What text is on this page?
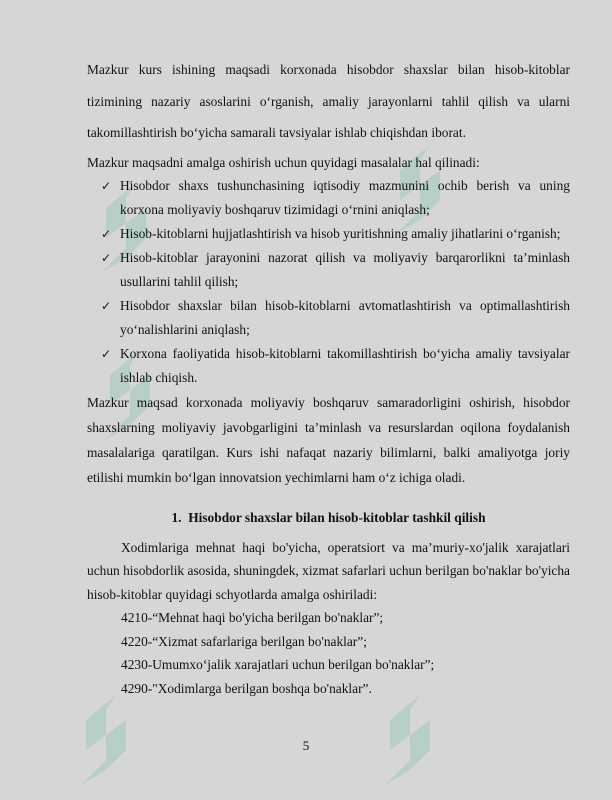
Mazkur kurs ishining maqsadi korxonada hisobdor shaxslar bilan hisob-kitoblar tizimining nazariy asoslarini o‘rganish, amaliy jarayonlarni tahlil qilish va ularni takomillashtirish bo‘yicha samarali tavsiyalar ishlab chiqishdan iborat.

Mazkur maqsadni amalga oshirish uchun quyidagi masalalar hal qilinadi:

✓ Hisobdor shaxs tushunchasining iqtisodiy mazmunini ochib berish va uning korxona moliyaviy boshqaruv tizimidagi o‘rnini aniqlash;
✓ Hisob-kitoblarni hujjatlashtirish va hisob yuritishning amaliy jihatlarini o‘rganish;
✓ Hisob-kitoblar jarayonini nazorat qilish va moliyaviy barqarorlikni ta’minlash usullarini tahlil qilish;
✓ Hisobdor shaxslar bilan hisob-kitoblarni avtomatlashtirish va optimallashtirish yo‘nalishlarini aniqlash;
✓ Korxona faoliyatida hisob-kitoblarni takomillashtirish bo‘yicha amaliy tavsiyalar ishlab chiqish.

Mazkur maqsad korxonada moliyaviy boshqaruv samaradorligini oshirish, hisobdor shaxslarning moliyaviy javobgarligini ta’minlash va resurslardan oqilona foydalanish masalalariga qaratilgan. Kurs ishi nafaqat nazariy bilimlarni, balki amaliyotga joriy etilishi mumkin bo‘lgan innovatsion yechimlarni ham o‘z ichiga oladi.

1. Hisobdor shaxslar bilan hisob-kitoblar tashkil qilish

Xodimlariga mehnat haqi bo'yicha, operatsiort va ma’muriy-xo'jalik xarajatlari uchun hisobdorlik asosida, shuningdek, xizmat safarlari uchun berilgan bo'naklar bo'yicha hisob-kitoblar quyidagi schyotlarda amalga oshiriladi:

4210-“Mehnat haqi bo'yicha berilgan bo'naklar”;
4220-“Xizmat safarlariga berilgan bo'naklar”;
4230-Umumxo‘jalik xarajatlari uchun berilgan bo'naklar”;
4290-"Xodimlarga berilgan boshqa bo'naklar”.
5
